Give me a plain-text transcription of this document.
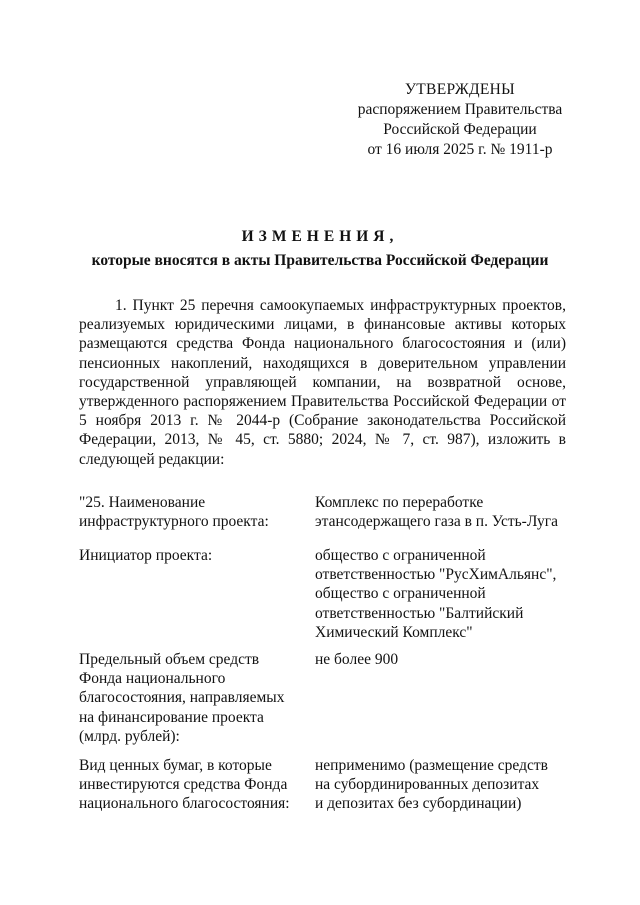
УТВЕРЖДЕНЫ
распоряжением Правительства
Российской Федерации
от 16 июля 2025 г. № 1911-р
ИЗМЕНЕНИЯ,
которые вносятся в акты Правительства Российской Федерации
1. Пункт 25 перечня самоокупаемых инфраструктурных проектов, реализуемых юридическими лицами, в финансовые активы которых размещаются средства Фонда национального благосостояния и (или) пенсионных накоплений, находящихся в доверительном управлении государственной управляющей компании, на возвратной основе, утвержденного распоряжением Правительства Российской Федерации от 5 ноября 2013 г. № 2044-р (Собрание законодательства Российской Федерации, 2013, № 45, ст. 5880; 2024, № 7, ст. 987), изложить в следующей редакции:
"25. Наименование
инфраструктурного проекта:
Комплекс по переработке
этансодержащего газа в п. Усть-Луга
Инициатор проекта:	общество с ограниченной
ответственностью "РусХимАльянс",
общество с ограниченной
ответственностью "Балтийский
Химический Комплекс"
Предельный объем средств
Фонда национального
благосостояния, направляемых
на финансирование проекта
(млрд. рублей):
не более 900
Вид ценных бумаг, в которые
инвестируются средства Фонда
национального благосостояния:
неприменимо (размещение средств
на субординированных депозитах
и депозитах без субординации)
